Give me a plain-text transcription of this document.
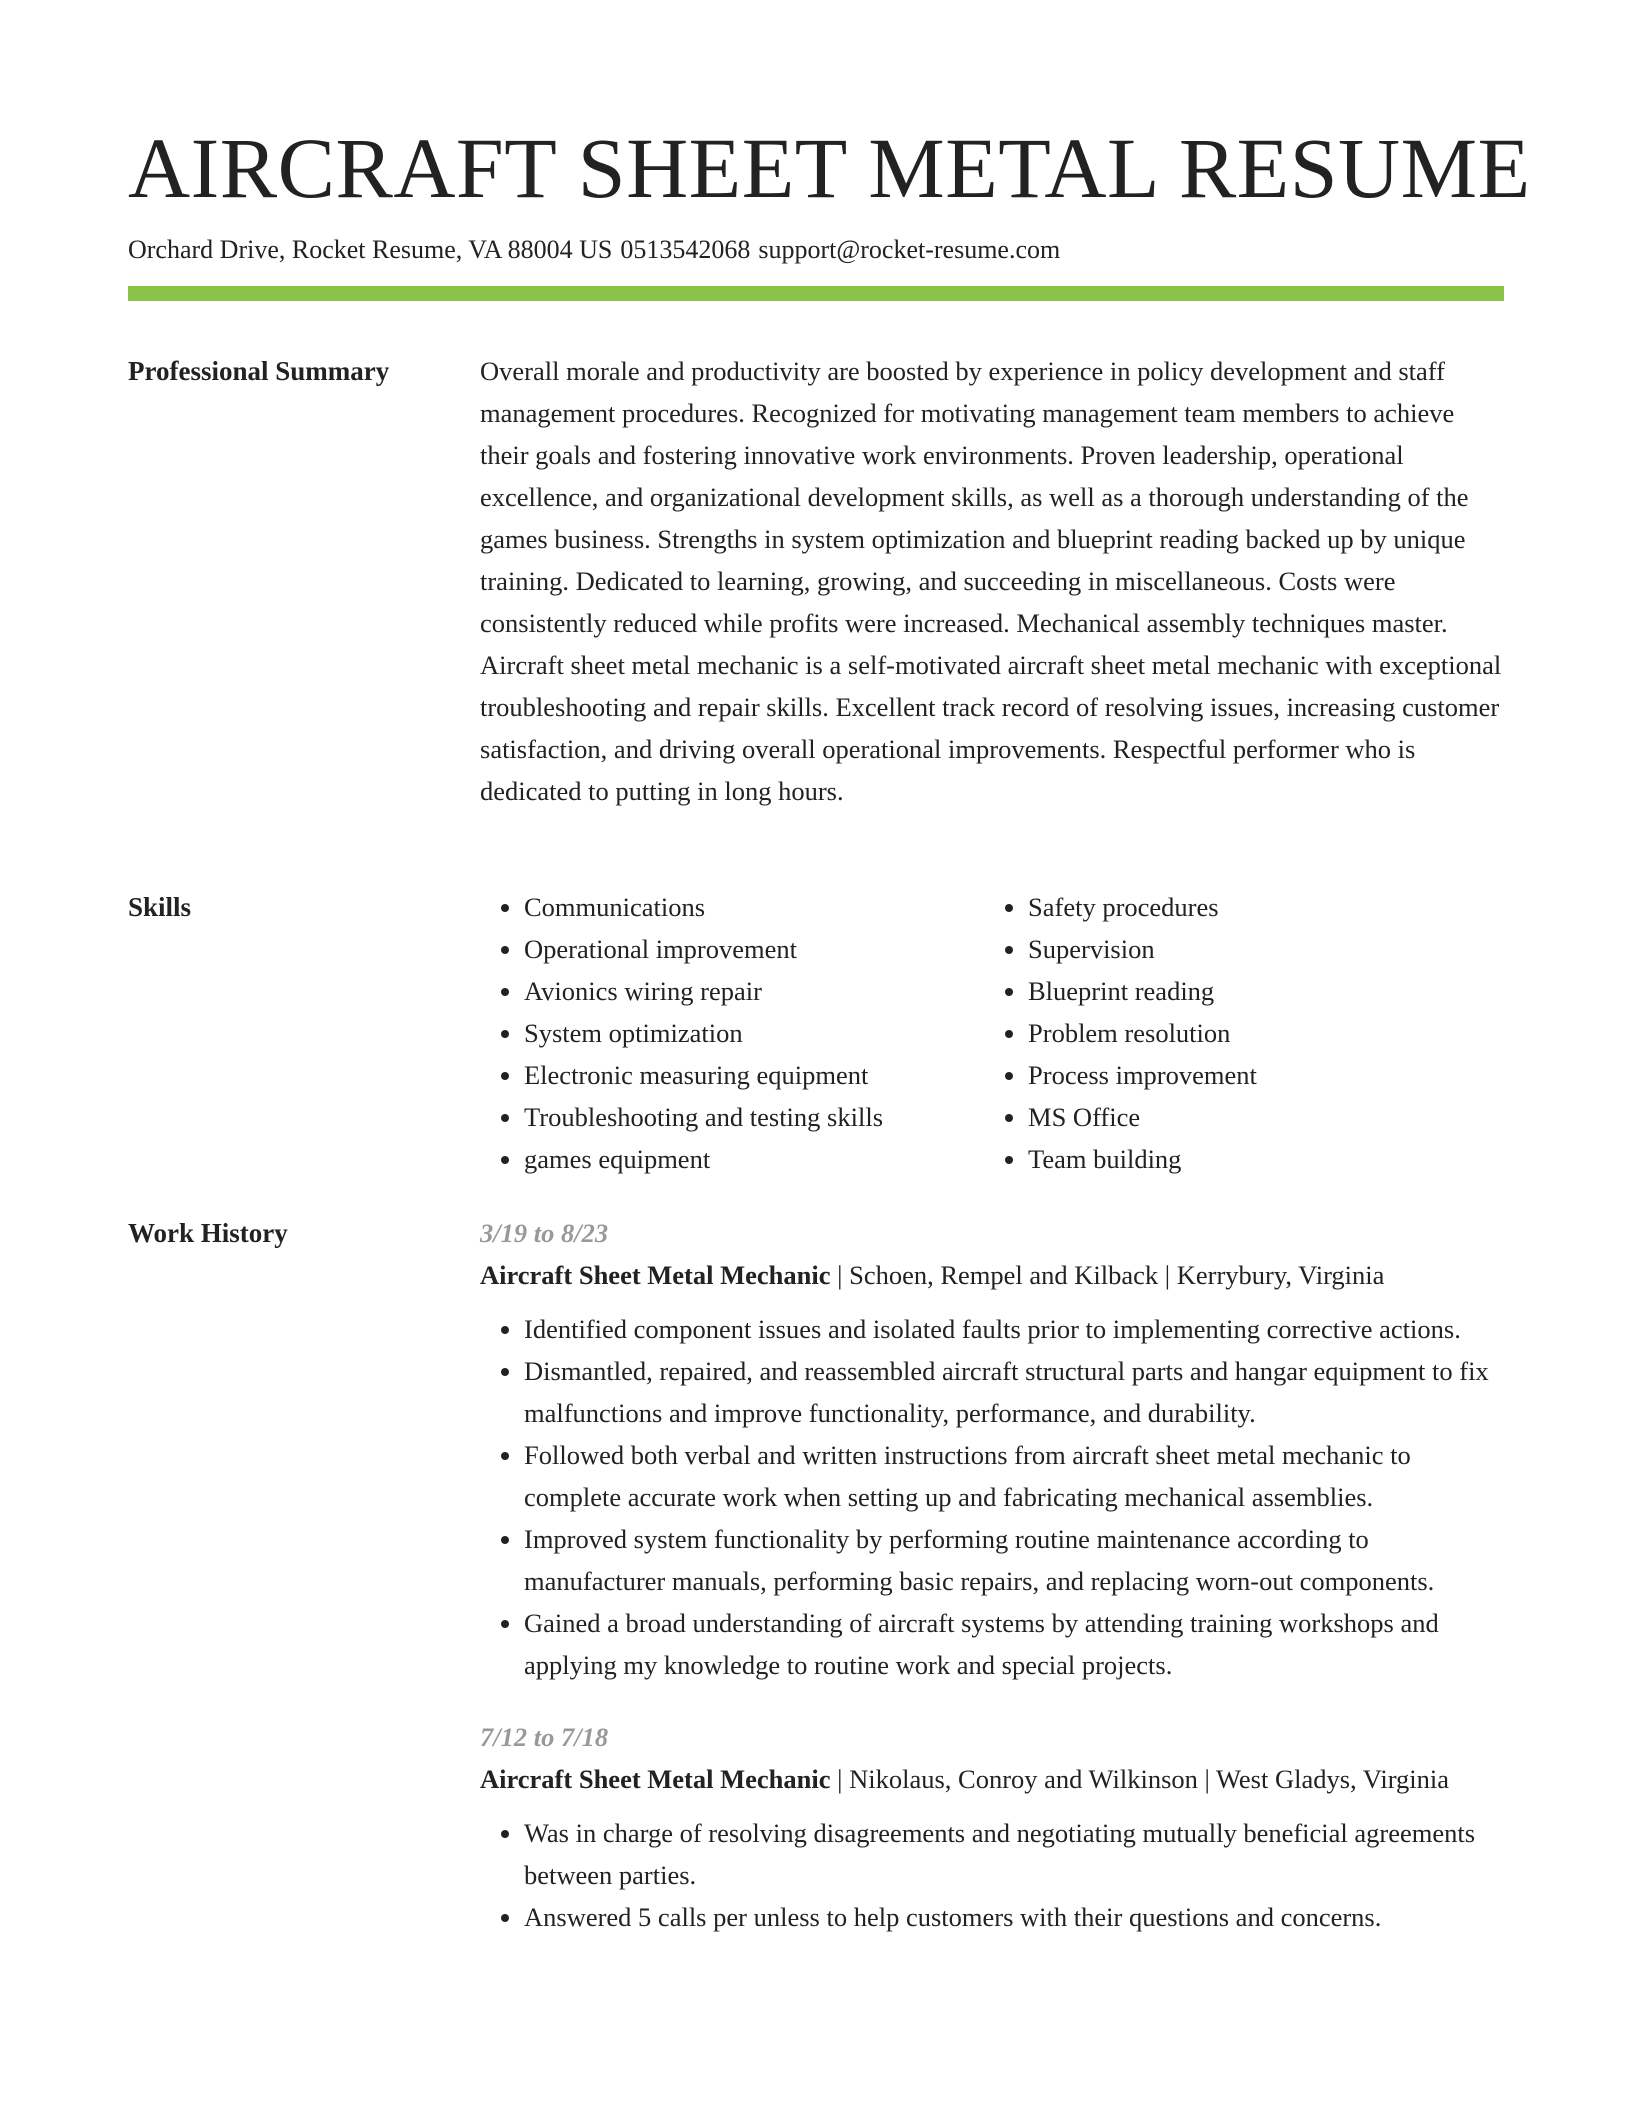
AIRCRAFT SHEET METAL RESUME
Orchard Drive, Rocket Resume, VA 88004 US 0513542068 support@rocket-resume.com
Professional Summary	Overall morale and productivity are boosted by experience in policy development and staff management procedures. Recognized for motivating management team members to achieve their goals and fostering innovative work environments. Proven leadership, operational excellence, and organizational development skills, as well as a thorough understanding of the games business. Strengths in system optimization and blueprint reading backed up by unique training. Dedicated to learning, growing, and succeeding in miscellaneous. Costs were consistently reduced while profits were increased. Mechanical assembly techniques master. Aircraft sheet metal mechanic is a self-motivated aircraft sheet metal mechanic with exceptional troubleshooting and repair skills. Excellent track record of resolving issues, increasing customer satisfaction, and driving overall operational improvements. Respectful performer who is dedicated to putting in long hours.

Skills
•	Communications
• Operational improvement
• Avionics wiring repair
• System optimization
• Electronic measuring equipment
• Troubleshooting and testing skills
• games equipment
• Safety procedures
• Supervision
• Blueprint reading
• Problem resolution
• Process improvement
• MS Office
• Team building
Work History	3/19 to 8/23
Aircraft Sheet Metal Mechanic | Schoen, Rempel and Kilback | Kerrybury, Virginia
• Identified component issues and isolated faults prior to implementing corrective actions.
• Dismantled, repaired, and reassembled aircraft structural parts and hangar equipment to fix malfunctions and improve functionality, performance, and durability.
• Followed both verbal and written instructions from aircraft sheet metal mechanic to complete accurate work when setting up and fabricating mechanical assemblies.
• Improved system functionality by performing routine maintenance according to manufacturer manuals, performing basic repairs, and replacing worn-out components.
• Gained a broad understanding of aircraft systems by attending training workshops and applying my knowledge to routine work and special projects.
7/12 to 7/18
Aircraft Sheet Metal Mechanic | Nikolaus, Conroy and Wilkinson | West Gladys, Virginia
• Was in charge of resolving disagreements and negotiating mutually beneficial agreements between parties.
• Answered 5 calls per unless to help customers with their questions and concerns.
